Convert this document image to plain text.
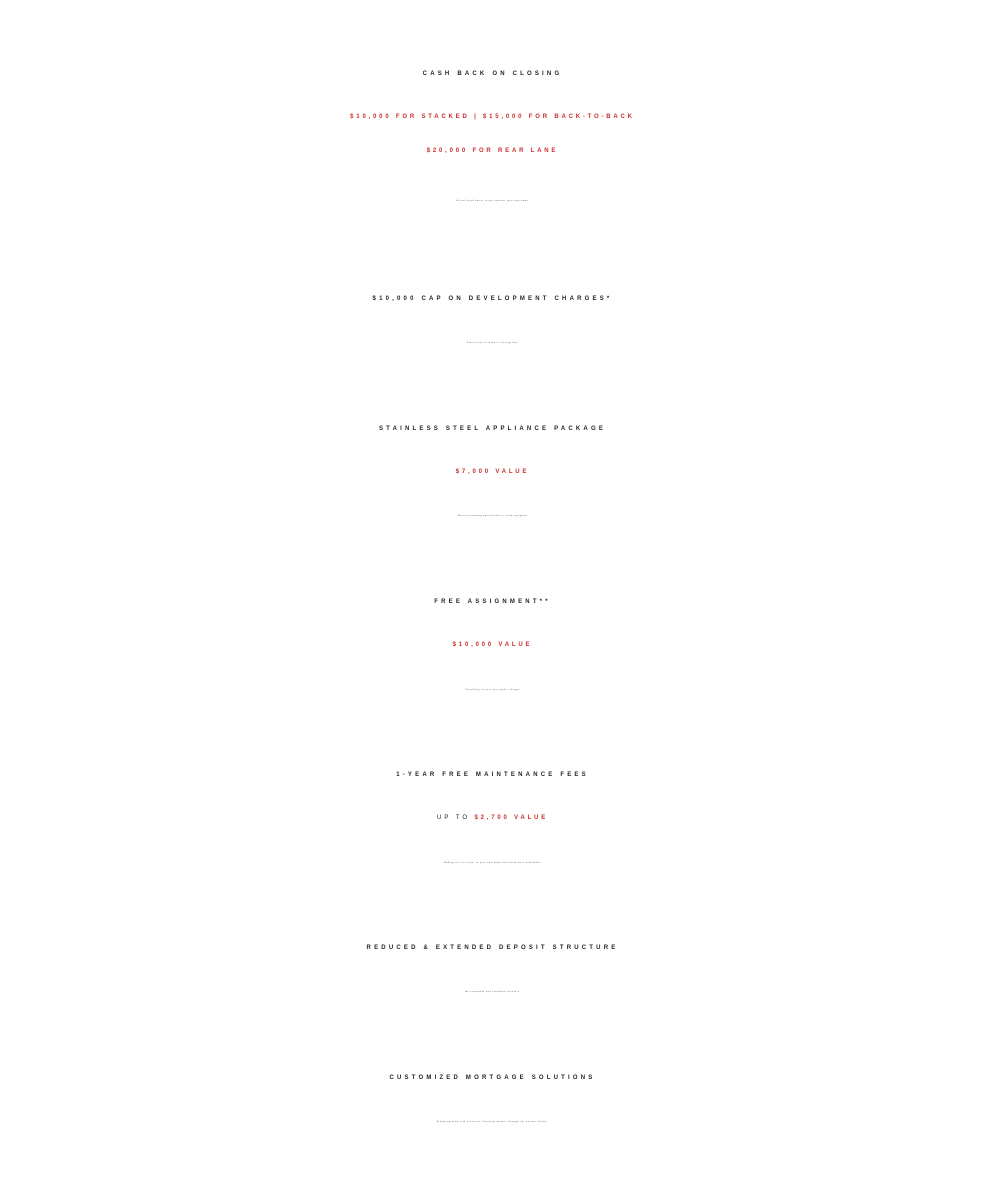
CASH BACK ON CLOSING
$10,000 FOR STACKED | $15,000 FOR BACK-TO-BACK
$20,000 FOR REAR LANE
A cash back bonus to put towards your new home
$10,000 CAP ON DEVELOPMENT CHARGES*
Extra piece of mind at closing time
STAINLESS STEEL APPLIANCE PACKAGE
$7,000 VALUE
Move-in knowing your kitchen is fully equipped
FREE ASSIGNMENT**
$10,000 VALUE
Flexibility in case your goals change
1-YEAR FREE MAINTENANCE FEES
UP TO $2,700 VALUE
Making the first year in your new home that much more affordable
REDUCED & EXTENDED DEPOSIT STRUCTURE
An attainable and extended structure
CUSTOMIZED MORTGAGE SOLUTIONS
A helping hand with exclusive financing options through our partner lender.
